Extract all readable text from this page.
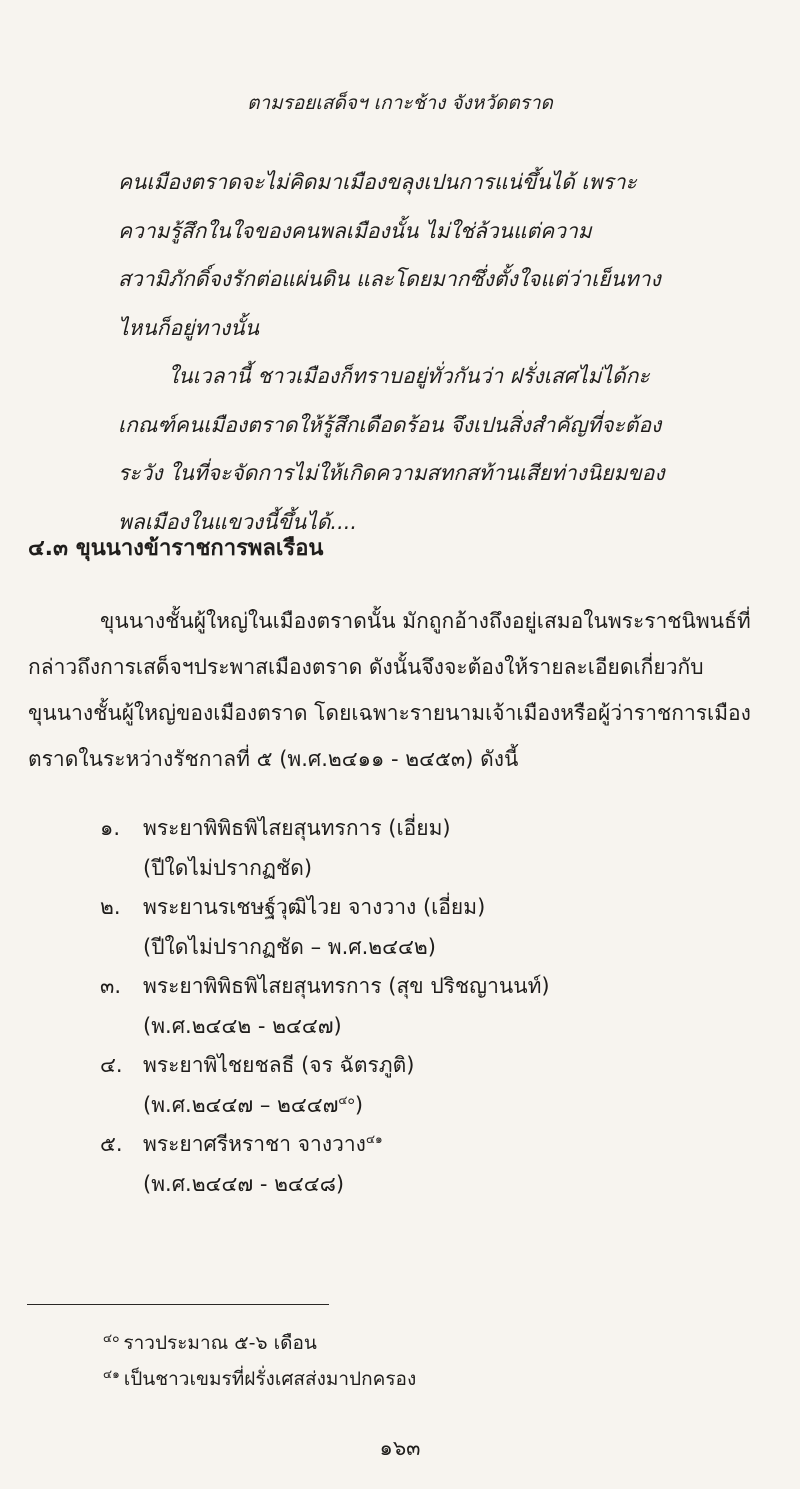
ตามรอยเสด็จฯ เกาะช้าง จังหวัดตราด
คนเมืองตราดจะไม่คิดมาเมืองขลุงเปนการแน่ขึ้นได้ เพราะ
ความรู้สึกในใจของคนพลเมืองนั้น ไม่ใช่ล้วนแต่ความ
สวามิภักดิ์จงรักต่อแผ่นดิน และโดยมากซึ่งตั้งใจแต่ว่าเย็นทาง
ไหนก็อยู่ทางนั้น
ในเวลานี้ ชาวเมืองก็ทราบอยู่ทั่วกันว่า ฝรั่งเสศไม่ได้กะ
เกณฑ์คนเมืองตราดให้รู้สึกเดือดร้อน จึงเปนสิ่งสำคัญที่จะต้อง
ระวัง ในที่จะจัดการไม่ให้เกิดความสทกสท้านเสียท่างนิยมของ
พลเมืองในแขวงนี้ขึ้นได้....
๔.๓ ขุนนางข้าราชการพลเรือน
ขุนนางชั้นผู้ใหญ่ในเมืองตราดนั้น มักถูกอ้างถึงอยู่เสมอในพระราชนิพนธ์ที่
กล่าวถึงการเสด็จฯประพาสเมืองตราด ดังนั้นจึงจะต้องให้รายละเอียดเกี่ยวกับ
ขุนนางชั้นผู้ใหญ่ของเมืองตราด โดยเฉพาะรายนามเจ้าเมืองหรือผู้ว่าราชการเมือง
ตราดในระหว่างรัชกาลที่ ๕ (พ.ศ.๒๔๑๑ - ๒๔๕๓) ดังนี้
๑. พระยาพิพิธพิไสยสุนทรการ (เอี่ยม)
(ปีใดไม่ปรากฏชัด)
๒. พระยานรเชษฐ์วุฒิไวย จางวาง (เอี่ยม)
(ปีใดไม่ปรากฏชัด – พ.ศ.๒๔๔๒)
๓. พระยาพิพิธพิไสยสุนทรการ (สุข ปริชญานนท์)
(พ.ศ.๒๔๔๒ - ๒๔๔๗)
๔. พระยาพิไชยชลธี (จร ฉัตรภูติ)
(พ.ศ.๒๔๔๗ – ๒๔๔๗$^{๔๐}$)
๕. พระยาศรีหราชา จางวาง$^{๔๑}$
(พ.ศ.๒๔๔๗ - ๒๔๔๘)
$^{๔๐}$ ราวประมาณ ๕-๖ เดือน
$^{๔๑}$ เป็นชาวเขมรที่ฝรั่งเศสส่งมาปกครอง
๑๖๓
